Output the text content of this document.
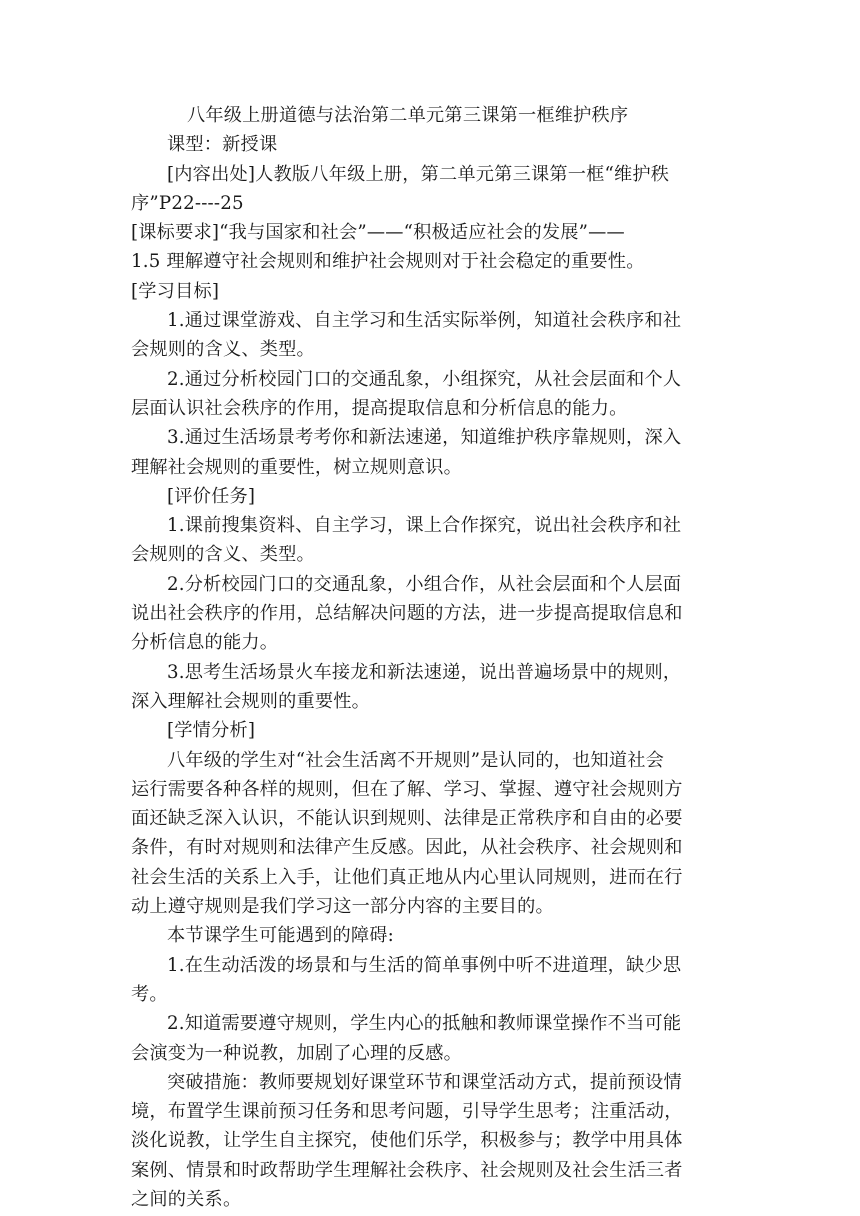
八年级上册道德与法治第二单元第三课第一框维护秩序
课型：新授课
[内容出处]人教版八年级上册，第二单元第三课第一框“维护秩
序”P22----25
[课标要求]“我与国家和社会”——“积极适应社会的发展”——
1.5 理解遵守社会规则和维护社会规则对于社会稳定的重要性。
[学习目标]
1.通过课堂游戏、自主学习和生活实际举例，知道社会秩序和社
会规则的含义、类型。
2.通过分析校园门口的交通乱象，小组探究，从社会层面和个人
层面认识社会秩序的作用，提高提取信息和分析信息的能力。
3.通过生活场景考考你和新法速递，知道维护秩序靠规则，深入
理解社会规则的重要性，树立规则意识。
[评价任务]
1.课前搜集资料、自主学习，课上合作探究，说出社会秩序和社
会规则的含义、类型。
2.分析校园门口的交通乱象，小组合作，从社会层面和个人层面
说出社会秩序的作用，总结解决问题的方法，进一步提高提取信息和
分析信息的能力。
3.思考生活场景火车接龙和新法速递，说出普遍场景中的规则，
深入理解社会规则的重要性。
[学情分析]
八年级的学生对“社会生活离不开规则”是认同的，也知道社会
运行需要各种各样的规则，但在了解、学习、掌握、遵守社会规则方
面还缺乏深入认识，不能认识到规则、法律是正常秩序和自由的必要
条件，有时对规则和法律产生反感。因此，从社会秩序、社会规则和
社会生活的关系上入手，让他们真正地从内心里认同规则，进而在行
动上遵守规则是我们学习这一部分内容的主要目的。
本节课学生可能遇到的障碍:
1.在生动活泼的场景和与生活的简单事例中听不进道理，缺少思
考。
2.知道需要遵守规则，学生内心的抵触和教师课堂操作不当可能
会演变为一种说教，加剧了心理的反感。
突破措施：教师要规划好课堂环节和课堂活动方式，提前预设情
境，布置学生课前预习任务和思考问题，引导学生思考；注重活动，
淡化说教，让学生自主探究，使他们乐学，积极参与；教学中用具体
案例、情景和时政帮助学生理解社会秩序、社会规则及社会生活三者
之间的关系。
